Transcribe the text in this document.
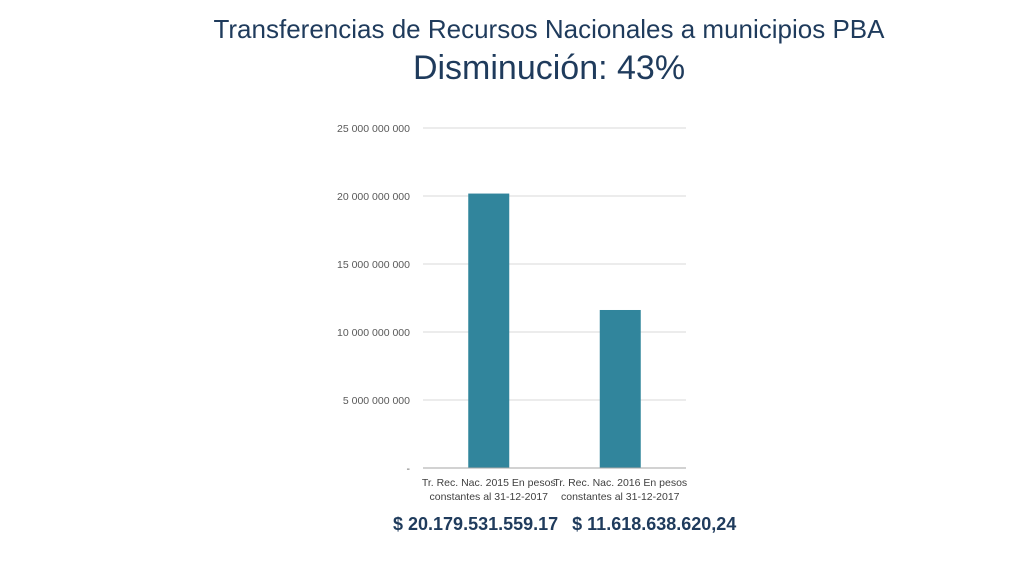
Transferencias de Recursos Nacionales a municipios PBA
Disminución: 43%
-
5 000 000 000
10 000 000 000
15 000 000 000
20 000 000 000
25 000 000 000
Tr. Rec. Nac. 2015 En pesos
constantes al 31-12-2017
Tr. Rec. Nac. 2016 En pesos
constantes al 31-12-2017
$ 20.179.531.559.17 $ 11.618.638.620,24
